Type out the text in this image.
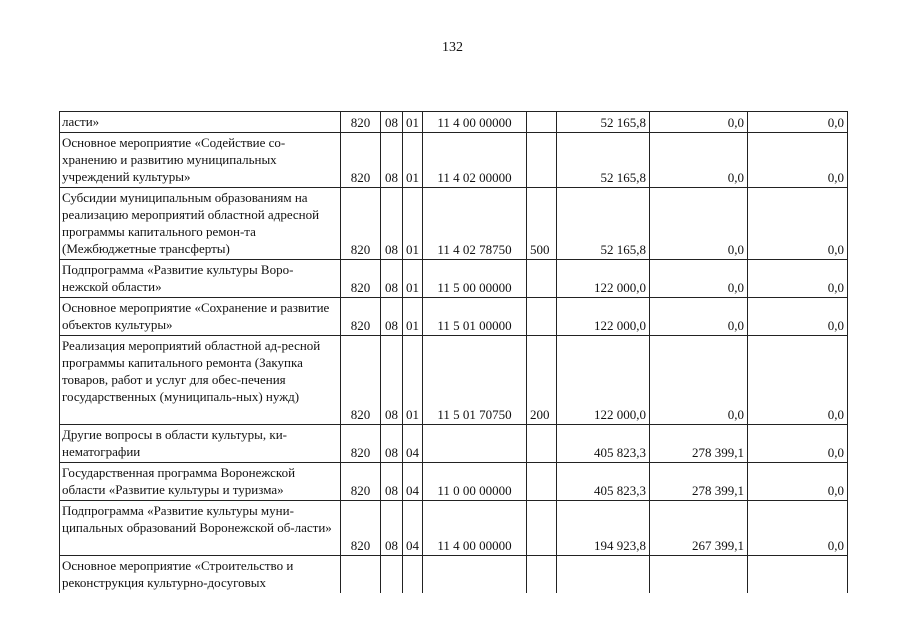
132
ласти»	820	08	01	11 4 00 00000		52 165,8	0,0	0,0
Основное мероприятие «Содействие со-хранению и развитию муниципальных учреждений культуры»	820	08	01	11 4 02 00000		52 165,8	0,0	0,0
Субсидии муниципальным образованиям на реализацию мероприятий областной адресной программы капитального ремон-та (Межбюджетные трансферты)	820	08	01	11 4 02 78750	500	52 165,8	0,0	0,0
Подпрограмма «Развитие культуры Воро-нежской области»	820	08	01	11 5 00 00000		122 000,0	0,0	0,0
Основное мероприятие «Сохранение и развитие объектов культуры»	820	08	01	11 5 01 00000		122 000,0	0,0	0,0
Реализация мероприятий областной ад-ресной программы капитального ремонта (Закупка товаров, работ и услуг для обес-печения государственных (муниципаль-ных) нужд)	820	08	01	11 5 01 70750	200	122 000,0	0,0	0,0
Другие вопросы в области культуры, ки-нематографии	820	08	04			405 823,3	278 399,1	0,0
Государственная программа Воронежской области «Развитие культуры и туризма»	820	08	04	11 0 00 00000		405 823,3	278 399,1	0,0
Подпрограмма «Развитие культуры муни-ципальных образований Воронежской об-ласти»	820	08	04	11 4 00 00000		194 923,8	267 399,1	0,0
Основное мероприятие «Строительство и реконструкция культурно-досуговых								
